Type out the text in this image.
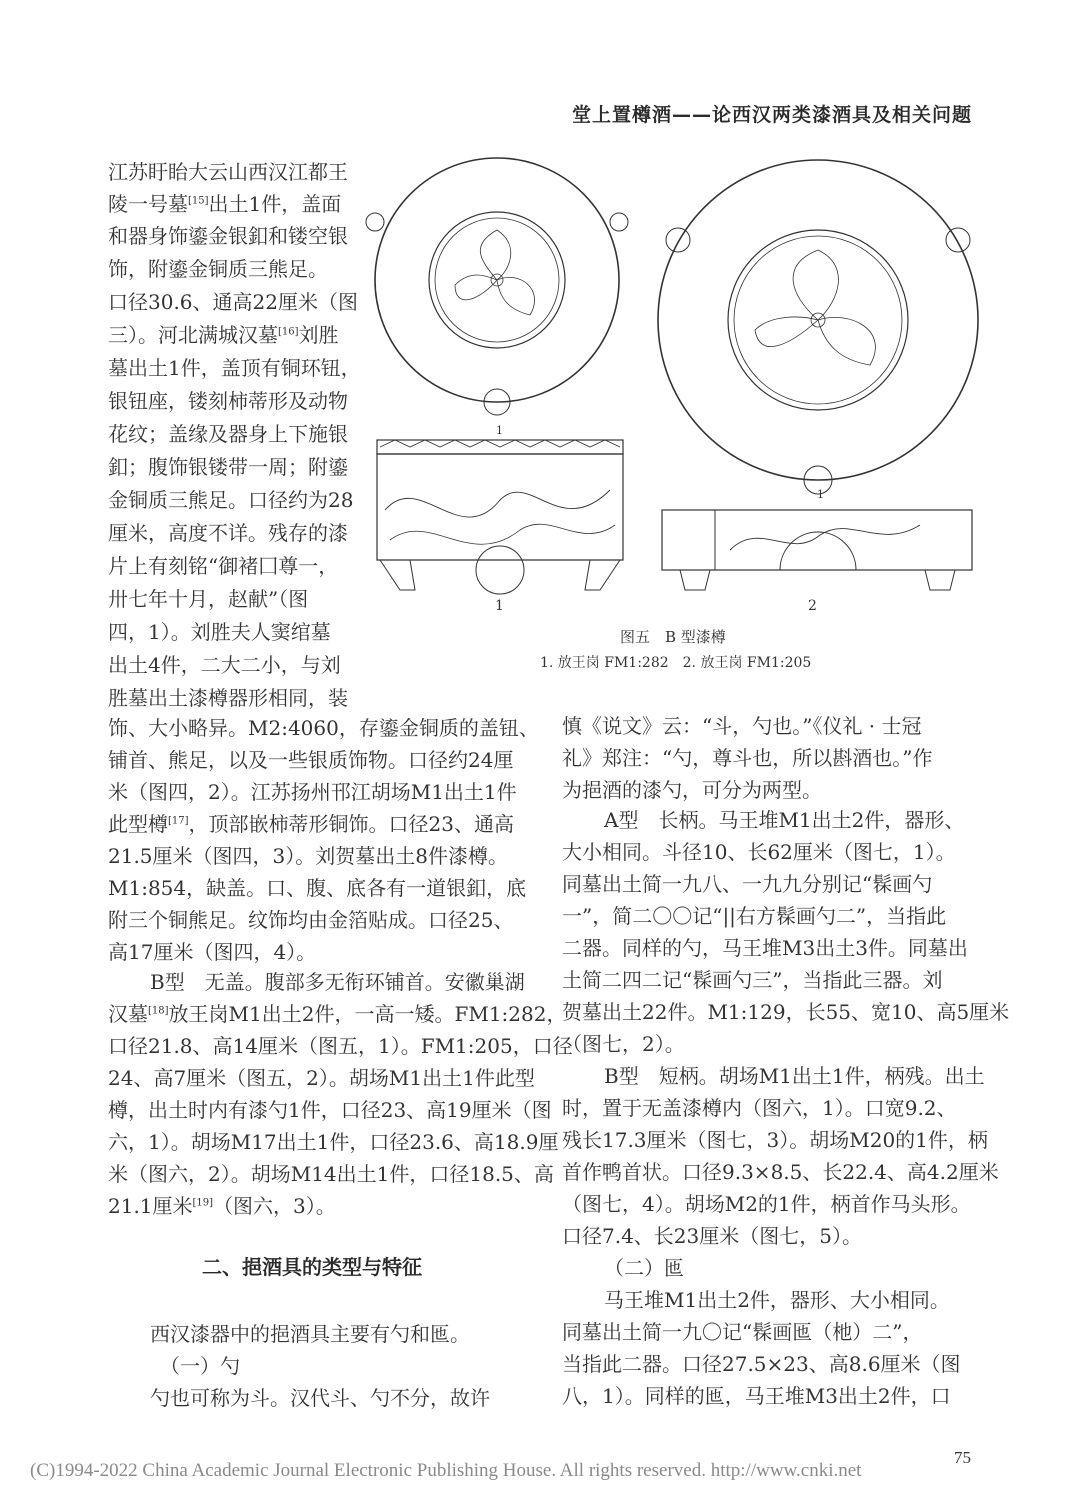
堂上置樽酒——论西汉两类漆酒具及相关问题
江苏盱眙大云山西汉江都王
陵一号墓[15]出土1件，盖面
和器身饰鎏金银釦和镂空银
饰，附鎏金铜质三熊足。
口径30.6、通高22厘米（图
三）。河北满城汉墓[16]刘胜
墓出土1件，盖顶有铜环钮，
银钮座，镂刻柿蒂形及动物
花纹；盖缘及器身上下施银
釦；腹饰银镂带一周；附鎏
金铜质三熊足。口径约为28
厘米，高度不详。残存的漆
片上有刻铭“御褚囗尊一，
卅七年十月，赵献”（图
四，1）。刘胜夫人窦绾墓
出土4件，二大二小，与刘
胜墓出土漆樽器形相同，装
饰、大小略异。M2:4060，存鎏金铜质的盖钮、
铺首、熊足，以及一些银质饰物。口径约24厘
米（图四，2）。江苏扬州邗江胡场M1出土1件
此型樽[17]，顶部嵌柿蒂形铜饰。口径23、通高
21.5厘米（图四，3）。刘贺墓出土8件漆樽。
M1:854，缺盖。口、腹、底各有一道银釦，底
附三个铜熊足。纹饰均由金箔贴成。口径25、
高17厘米（图四，4）。
B型　无盖。腹部多无衔环铺首。安徽巢湖
汉墓[18]放王岗M1出土2件，一高一矮。FM1:282，
口径21.8、高14厘米（图五，1）。FM1:205，口径
24、高7厘米（图五，2）。胡场M1出土1件此型
樽，出土时内有漆勺1件，口径23、高19厘米（图
六，1）。胡场M17出土1件，口径23.6、高18.9厘
米（图六，2）。胡场M14出土1件，口径18.5、高
21.1厘米[19]（图六，3）。
二、挹酒具的类型与特征
西汉漆器中的挹酒具主要有勺和匜。
（一）勺
勺也可称为斗。汉代斗、勺不分，故许
慎《说文》云：“斗，勺也。”《仪礼 · 士冠
礼》郑注：“勺，尊斗也，所以斟酒也。”作
为挹酒的漆勺，可分为两型。
A型　长柄。马王堆M1出土2件，器形、
大小相同。斗径10、长62厘米（图七，1）。
同墓出土简一九八、一九九分别记“髹画勺
一”，简二〇〇记“||右方髹画勺二”，当指此
二器。同样的勺，马王堆M3出土3件。同墓出
土简二四二记“髹画勺三”，当指此三器。刘
贺墓出土22件。M1:129，长55、宽10、高5厘米
（图七，2）。
B型　短柄。胡场M1出土1件，柄残。出土
时，置于无盖漆樽内（图六，1）。口宽9.2、
残长17.3厘米（图七，3）。胡场M20的1件，柄
首作鸭首状。口径9.3×8.5、长22.4、高4.2厘米
（图七，4）。胡场M2的1件，柄首作马头形。
口径7.4、长23厘米（图七，5）。
（二）匜
马王堆M1出土2件，器形、大小相同。
同墓出土简一九〇记“髹画匜（杝）二”，
当指此二器。口径27.5×23、高8.6厘米（图
八，1）。同样的匜，马王堆M3出土2件，口
1	2
1
1
图五　B 型漆樽
1. 放王岗 FM1:282　2. 放王岗 FM1:205
(C)1994-2022 China Academic Journal Electronic Publishing House. All rights reserved. http://www.cnki.net
75
